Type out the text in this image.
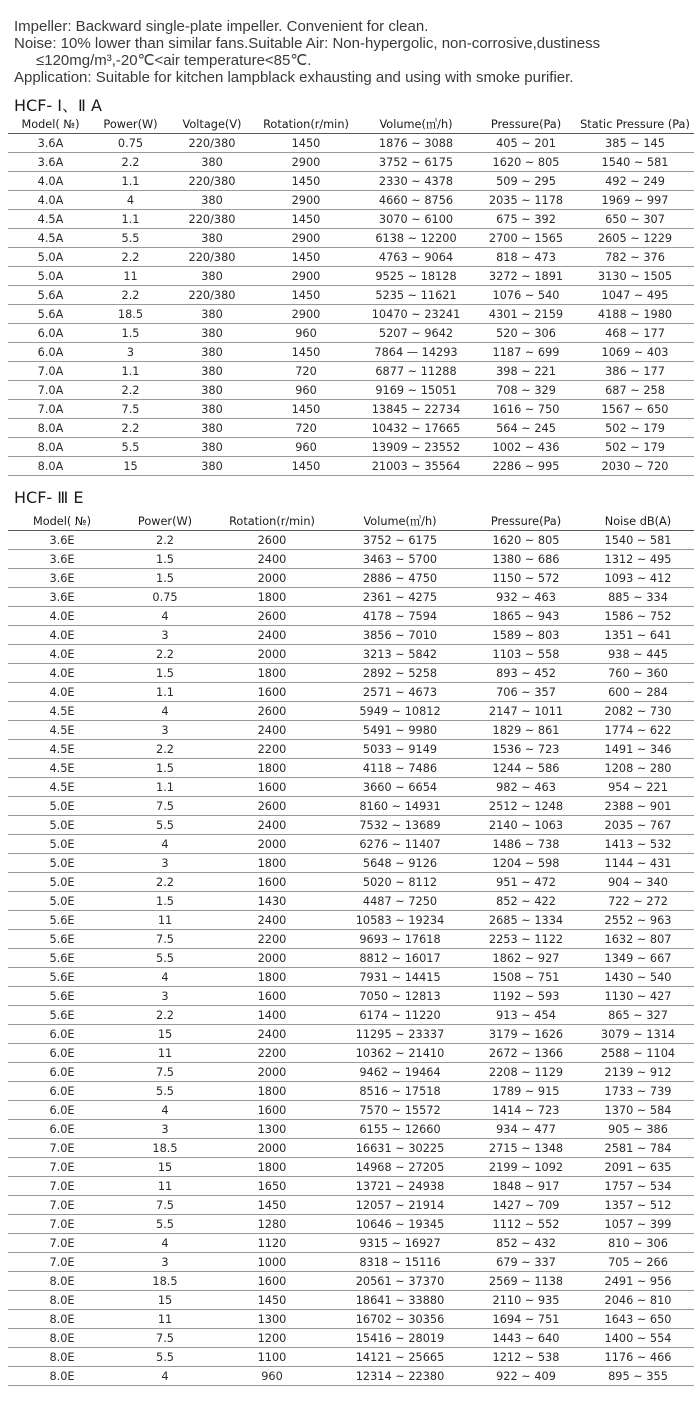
Impeller: Backward single-plate impeller. Convenient for clean.
Noise: 10% lower than similar fans.Suitable Air: Non-hypergolic, non-corrosive,dustiness
≤120mg/m³,-20℃<air temperature<85℃.
Application: Suitable for kitchen lampblack exhausting and using with smoke purifier.
HCF- Ⅰ、Ⅱ A
Model( №)	Power(W)	Voltage(V)	Rotation(r/min)	Volume(㎥/h)	Pressure(Pa)	Static Pressure (Pa)
3.6A	0.75	220/380	1450	1876 ~ 3088	405 ~ 201	385 ~ 145
3.6A	2.2	380	2900	3752 ~ 6175	1620 ~ 805	1540 ~ 581
4.0A	1.1	220/380	1450	2330 ~ 4378	509 ~ 295	492 ~ 249
4.0A	4	380	2900	4660 ~ 8756	2035 ~ 1178	1969 ~ 997
4.5A	1.1	220/380	1450	3070 ~ 6100	675 ~ 392	650 ~ 307
4.5A	5.5	380	2900	6138 ~ 12200	2700 ~ 1565	2605 ~ 1229
5.0A	2.2	220/380	1450	4763 ~ 9064	818 ~ 473	782 ~ 376
5.0A	11	380	2900	9525 ~ 18128	3272 ~ 1891	3130 ~ 1505
5.6A	2.2	220/380	1450	5235 ~ 11621	1076 ~ 540	1047 ~ 495
5.6A	18.5	380	2900	10470 ~ 23241	4301 ~ 2159	4188 ~ 1980
6.0A	1.5	380	960	5207 ~ 9642	520 ~ 306	468 ~ 177
6.0A	3	380	1450	7864 — 14293	1187 ~ 699	1069 ~ 403
7.0A	1.1	380	720	6877 ~ 11288	398 ~ 221	386 ~ 177
7.0A	2.2	380	960	9169 ~ 15051	708 ~ 329	687 ~ 258
7.0A	7.5	380	1450	13845 ~ 22734	1616 ~ 750	1567 ~ 650
8.0A	2.2	380	720	10432 ~ 17665	564 ~ 245	502 ~ 179
8.0A	5.5	380	960	13909 ~ 23552	1002 ~ 436	502 ~ 179
8.0A	15	380	1450	21003 ~ 35564	2286 ~ 995	2030 ~ 720
HCF- Ⅲ E
Model( №)	Power(W)	Rotation(r/min)	Volume(㎥/h)	Pressure(Pa)	Noise dB(A)
3.6E	2.2	2600	3752 ~ 6175	1620 ~ 805	1540 ~ 581
3.6E	1.5	2400	3463 ~ 5700	1380 ~ 686	1312 ~ 495
3.6E	1.5	2000	2886 ~ 4750	1150 ~ 572	1093 ~ 412
3.6E	0.75	1800	2361 ~ 4275	932 ~ 463	885 ~ 334
4.0E	4	2600	4178 ~ 7594	1865 ~ 943	1586 ~ 752
4.0E	3	2400	3856 ~ 7010	1589 ~ 803	1351 ~ 641
4.0E	2.2	2000	3213 ~ 5842	1103 ~ 558	938 ~ 445
4.0E	1.5	1800	2892 ~ 5258	893 ~ 452	760 ~ 360
4.0E	1.1	1600	2571 ~ 4673	706 ~ 357	600 ~ 284
4.5E	4	2600	5949 ~ 10812	2147 ~ 1011	2082 ~ 730
4.5E	3	2400	5491 ~ 9980	1829 ~ 861	1774 ~ 622
4.5E	2.2	2200	5033 ~ 9149	1536 ~ 723	1491 ~ 346
4.5E	1.5	1800	4118 ~ 7486	1244 ~ 586	1208 ~ 280
4.5E	1.1	1600	3660 ~ 6654	982 ~ 463	954 ~ 221
5.0E	7.5	2600	8160 ~ 14931	2512 ~ 1248	2388 ~ 901
5.0E	5.5	2400	7532 ~ 13689	2140 ~ 1063	2035 ~ 767
5.0E	4	2000	6276 ~ 11407	1486 ~ 738	1413 ~ 532
5.0E	3	1800	5648 ~ 9126	1204 ~ 598	1144 ~ 431
5.0E	2.2	1600	5020 ~ 8112	951 ~ 472	904 ~ 340
5.0E	1.5	1430	4487 ~ 7250	852 ~ 422	722 ~ 272
5.6E	11	2400	10583 ~ 19234	2685 ~ 1334	2552 ~ 963
5.6E	7.5	2200	9693 ~ 17618	2253 ~ 1122	1632 ~ 807
5.6E	5.5	2000	8812 ~ 16017	1862 ~ 927	1349 ~ 667
5.6E	4	1800	7931 ~ 14415	1508 ~ 751	1430 ~ 540
5.6E	3	1600	7050 ~ 12813	1192 ~ 593	1130 ~ 427
5.6E	2.2	1400	6174 ~ 11220	913 ~ 454	865 ~ 327
6.0E	15	2400	11295 ~ 23337	3179 ~ 1626	3079 ~ 1314
6.0E	11	2200	10362 ~ 21410	2672 ~ 1366	2588 ~ 1104
6.0E	7.5	2000	9462 ~ 19464	2208 ~ 1129	2139 ~ 912
6.0E	5.5	1800	8516 ~ 17518	1789 ~ 915	1733 ~ 739
6.0E	4	1600	7570 ~ 15572	1414 ~ 723	1370 ~ 584
6.0E	3	1300	6155 ~ 12660	934 ~ 477	905 ~ 386
7.0E	18.5	2000	16631 ~ 30225	2715 ~ 1348	2581 ~ 784
7.0E	15	1800	14968 ~ 27205	2199 ~ 1092	2091 ~ 635
7.0E	11	1650	13721 ~ 24938	1848 ~ 917	1757 ~ 534
7.0E	7.5	1450	12057 ~ 21914	1427 ~ 709	1357 ~ 512
7.0E	5.5	1280	10646 ~ 19345	1112 ~ 552	1057 ~ 399
7.0E	4	1120	9315 ~ 16927	852 ~ 432	810 ~ 306
7.0E	3	1000	8318 ~ 15116	679 ~ 337	705 ~ 266
8.0E	18.5	1600	20561 ~ 37370	2569 ~ 1138	2491 ~ 956
8.0E	15	1450	18641 ~ 33880	2110 ~ 935	2046 ~ 810
8.0E	11	1300	16702 ~ 30356	1694 ~ 751	1643 ~ 650
8.0E	7.5	1200	15416 ~ 28019	1443 ~ 640	1400 ~ 554
8.0E	5.5	1100	14121 ~ 25665	1212 ~ 538	1176 ~ 466
8.0E	4	960	12314 ~ 22380	922 ~ 409	895 ~ 355
